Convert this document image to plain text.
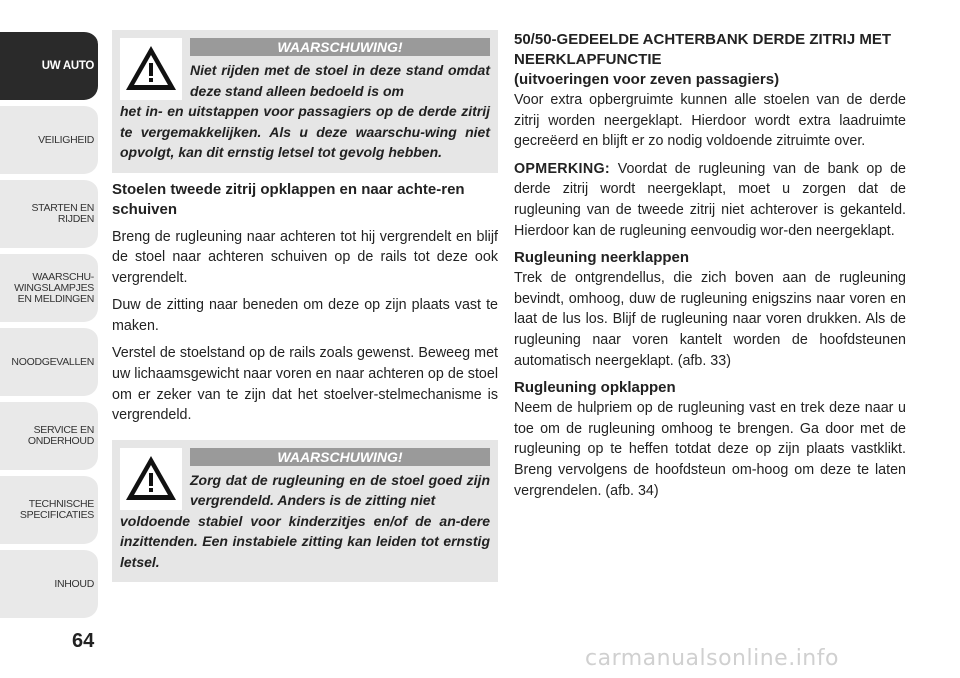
UW AUTO
VEILIGHEID
STARTEN EN
RIJDEN
WAARSCHU-
WINGSLAMPJES
EN MELDINGEN
NOODGEVALLEN
SERVICE EN
ONDERHOUD
TECHNISCHE
SPECIFICATIES
INHOUD
64
WAARSCHUWING!
Niet rijden met de stoel in deze stand omdat deze stand alleen bedoeld is om
het in- en uitstappen voor passagiers op de derde zitrij te vergemakkelijken. Als u deze waarschu-wing niet opvolgt, kan dit ernstig letsel tot gevolg hebben.
Stoelen tweede zitrij opklappen en naar achte-ren schuiven

Breng de rugleuning naar achteren tot hij vergrendelt en blijf de stoel naar achteren schuiven op de rails tot deze ook vergrendelt.

Duw de zitting naar beneden om deze op zijn plaats vast te maken.

Verstel de stoelstand op de rails zoals gewenst. Beweeg met uw lichaamsgewicht naar voren en naar achteren op de stoel om er zeker van te zijn dat het stoelver-stelmechanisme is vergrendeld.

WAARSCHUWING!
Zorg dat de rugleuning en de stoel goed zijn vergrendeld. Anders is de zitting niet
voldoende stabiel voor kinderzitjes en/of de an-dere inzittenden. Een instabiele zitting kan leiden tot ernstig letsel.
50/50-GEDEELDE ACHTERBANK DERDE ZITRIJ MET NEERKLAPFUNCTIE
(uitvoeringen voor zeven passagiers)

Voor extra opbergruimte kunnen alle stoelen van de derde zitrij worden neergeklapt. Hierdoor wordt extra laadruimte gecreëerd en blijft er zo nodig voldoende zitruimte over.

OPMERKING: Voordat de rugleuning van de bank op de derde zitrij wordt neergeklapt, moet u zorgen dat de rugleuning van de tweede zitrij niet achterover is gekanteld. Hierdoor kan de rugleuning eenvoudig wor-den neergeklapt.

Rugleuning neerklappen

Trek de ontgrendellus, die zich boven aan de rugleuning bevindt, omhoog, duw de rugleuning enigszins naar voren en laat de lus los. Blijf de rugleuning naar voren drukken. Als de rugleuning naar voren kantelt worden de hoofdsteunen automatisch neergeklapt. (afb. 33)

Rugleuning opklappen

Neem de hulpriem op de rugleuning vast en trek deze naar u toe om de rugleuning omhoog te brengen. Ga door met de rugleuning op te heffen totdat deze op zijn plaats vastklikt. Breng vervolgens de hoofdsteun om-hoog om deze te laten vergrendelen. (afb. 34)

carmanualsonline.info
